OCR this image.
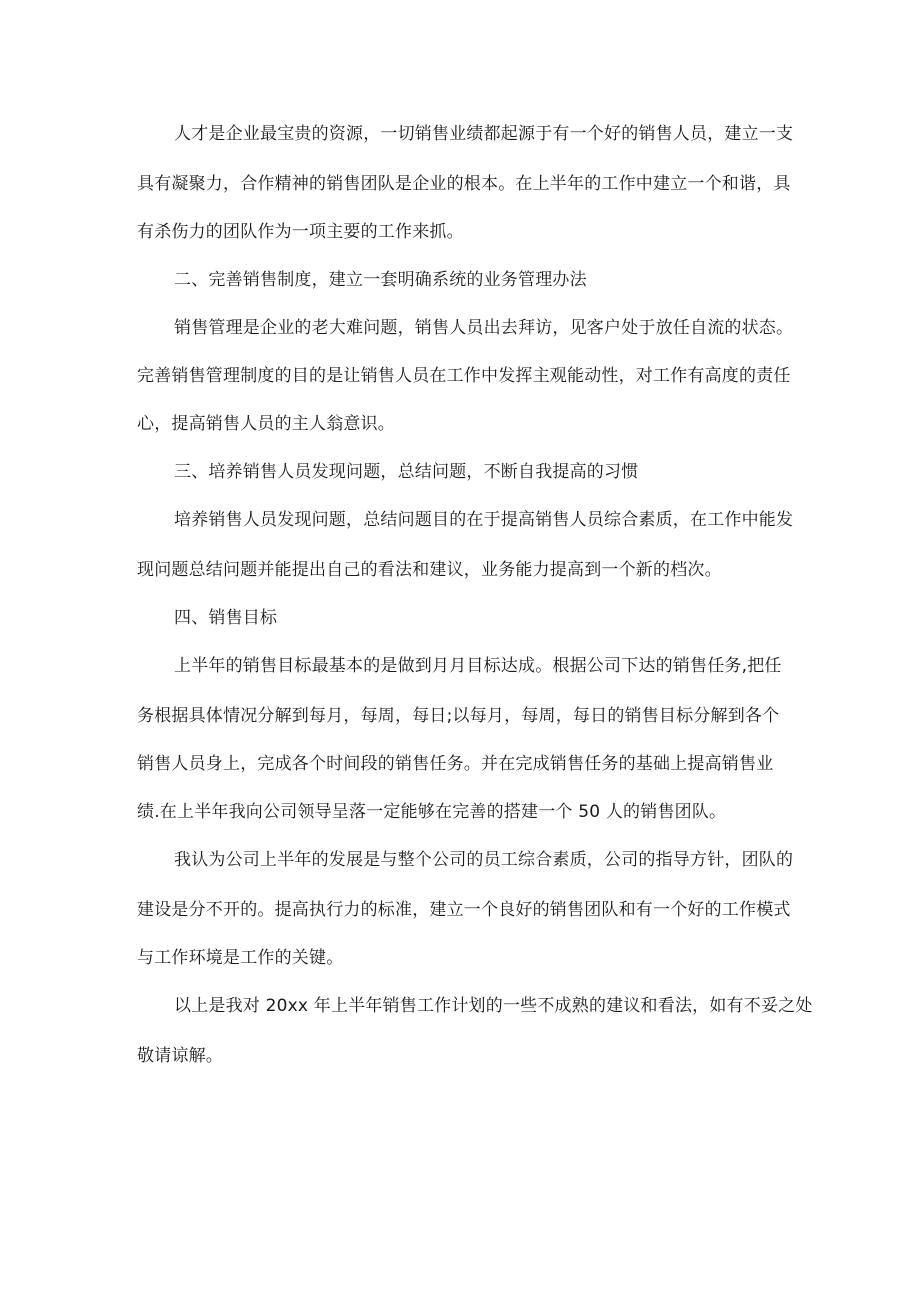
人才是企业最宝贵的资源，一切销售业绩都起源于有一个好的销售人员，建立一支
具有凝聚力，合作精神的销售团队是企业的根本。在上半年的工作中建立一个和谐，具
有杀伤力的团队作为一项主要的工作来抓。
二、完善销售制度，建立一套明确系统的业务管理办法
销售管理是企业的老大难问题，销售人员出去拜访，见客户处于放任自流的状态。
完善销售管理制度的目的是让销售人员在工作中发挥主观能动性，对工作有高度的责任
心，提高销售人员的主人翁意识。
三、培养销售人员发现问题，总结问题，不断自我提高的习惯
培养销售人员发现问题，总结问题目的在于提高销售人员综合素质，在工作中能发
现问题总结问题并能提出自己的看法和建议，业务能力提高到一个新的档次。
四、销售目标
上半年的销售目标最基本的是做到月月目标达成。根据公司下达的销售任务,把任
务根据具体情况分解到每月，每周，每日;以每月，每周，每日的销售目标分解到各个
销售人员身上，完成各个时间段的销售任务。并在完成销售任务的基础上提高销售业
绩.在上半年我向公司领导呈落一定能够在完善的搭建一个 50 人的销售团队。
我认为公司上半年的发展是与整个公司的员工综合素质，公司的指导方针，团队的
建设是分不开的。提高执行力的标准，建立一个良好的销售团队和有一个好的工作模式
与工作环境是工作的关键。
以上是我对 20xx 年上半年销售工作计划的一些不成熟的建议和看法，如有不妥之处
敬请谅解。
